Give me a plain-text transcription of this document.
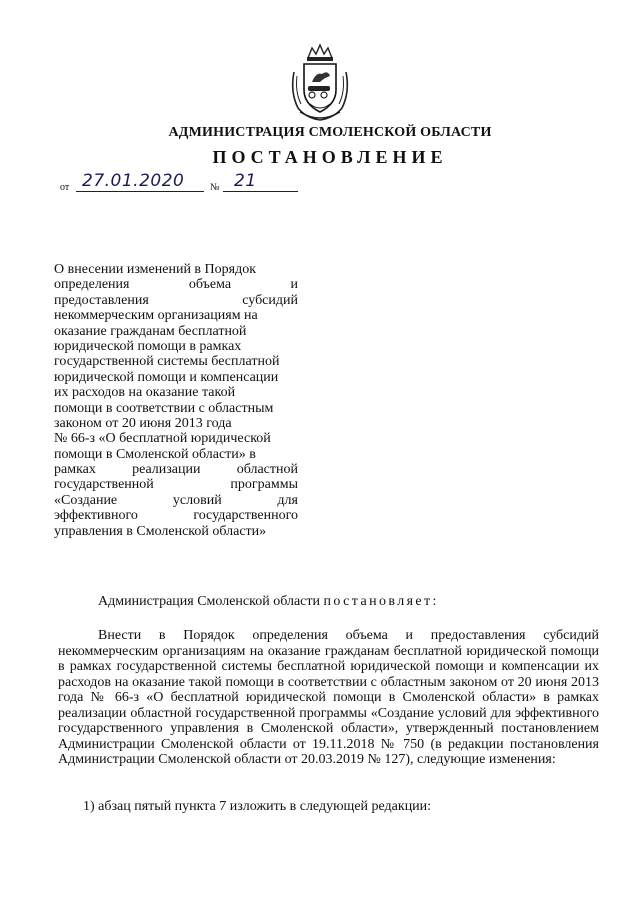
АДМИНИСТРАЦИЯ СМОЛЕНСКОЙ ОБЛАСТИ
ПОСТАНОВЛЕНИЕ
от 27.01.2020	№ 21
О внесении изменений в Порядок
определения	объема	и
предоставления	субсидий
некоммерческим организациям на
оказание гражданам бесплатной
юридической помощи в рамках
государственной системы бесплатной
юридической помощи и компенсации
их расходов на оказание такой
помощи в соответствии с областным
законом от 20 июня 2013 года
№ 66-з «О бесплатной юридической
помощи в Смоленской области» в
рамках	реализации	областной
государственной	программы
«Создание	условий	для
эффективного	государственного
управления в Смоленской области»
Администрация Смоленской области постановляет:
Внести в Порядок определения объема и предоставления субсидий некоммерческим организациям на оказание гражданам бесплатной юридической помощи в рамках государственной системы бесплатной юридической помощи и компенсации их расходов на оказание такой помощи в соответствии с областным законом от 20 июня 2013 года № 66-з «О бесплатной юридической помощи в Смоленской области» в рамках реализации областной государственной программы «Создание условий для эффективного государственного управления в Смоленской области», утвержденный постановлением Администрации Смоленской области от 19.11.2018 № 750 (в редакции постановления Администрации Смоленской области от 20.03.2019 № 127), следующие изменения:
1) абзац пятый пункта 7 изложить в следующей редакции:
